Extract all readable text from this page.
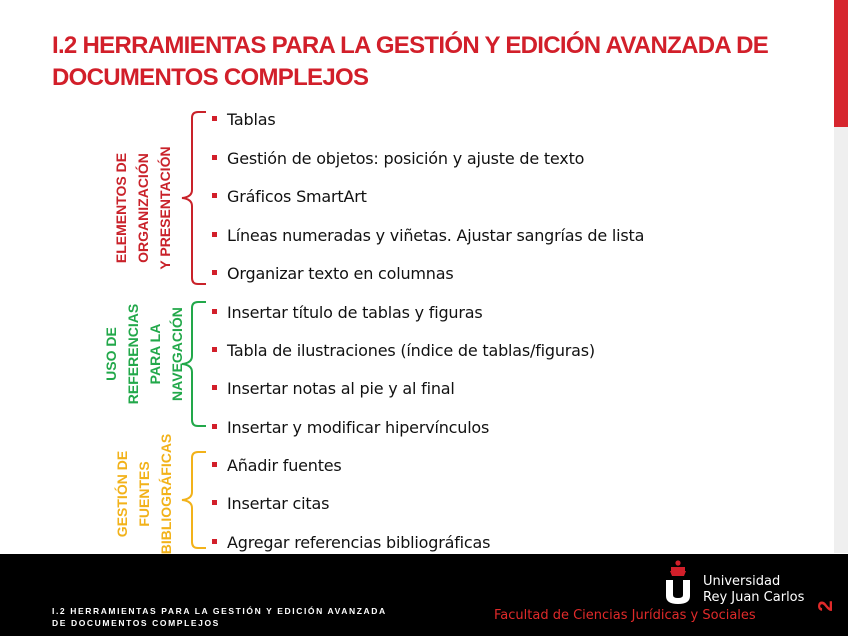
I.2 HERRAMIENTAS PARA LA GESTIÓN Y EDICIÓN AVANZADA DE DOCUMENTOS COMPLEJOS
ELEMENTOS DE ORGANIZACIÓN Y PRESENTACIÓN
Tablas
Gestión de objetos: posición y ajuste de texto
Gráficos SmartArt
Líneas numeradas y viñetas. Ajustar sangrías de lista
Organizar texto en columnas
USO DE REFERENCIAS PARA LA NAVEGACIÓN	Insertar título de tablas y figuras
Tabla de ilustraciones (índice de tablas/figuras)
Insertar notas al pie y al final
Insertar y modificar hipervínculos
GESTIÓN DE FUENTES BIBLIOGRÁFICAS	Añadir fuentes
Insertar citas
Agregar referencias bibliográficas
I.2 HERRAMIENTAS PARA LA GESTIÓN Y EDICIÓN AVANZADA
DE DOCUMENTOS COMPLEJOS	Facultad de Ciencias Jurídicas y Sociales
Universidad
Rey Juan Carlos
2
